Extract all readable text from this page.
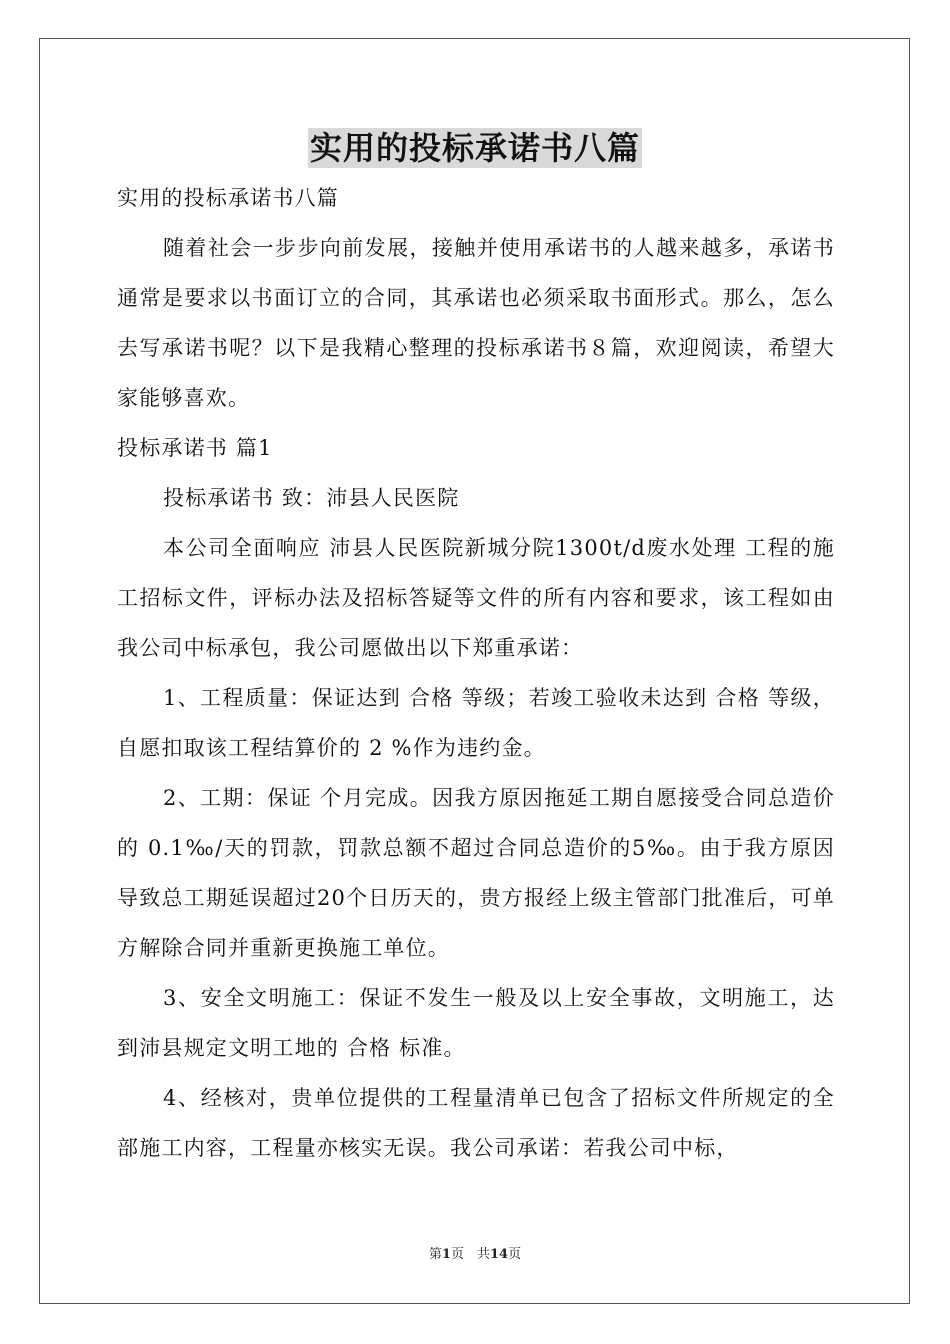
实用的投标承诺书八篇

实用的投标承诺书八篇

随着社会一步步向前发展，接触并使用承诺书的人越来越多，承诺书通常是要求以书面订立的合同，其承诺也必须采取书面形式。那么，怎么去写承诺书呢？以下是我精心整理的投标承诺书８篇，欢迎阅读，希望大家能够喜欢。

投标承诺书 篇1

投标承诺书 致：沛县人民医院

本公司全面响应 沛县人民医院新城分院1300t/d废水处理 工程的施工招标文件，评标办法及招标答疑等文件的所有内容和要求，该工程如由我公司中标承包，我公司愿做出以下郑重承诺：

1、工程质量：保证达到 合格 等级；若竣工验收未达到 合格 等级，自愿扣取该工程结算价的 2 %作为违约金。

2、工期：保证 个月完成。因我方原因拖延工期自愿接受合同总造价的 0.1‰/天的罚款，罚款总额不超过合同总造价的5‰。由于我方原因导致总工期延误超过20个日历天的，贵方报经上级主管部门批准后，可单方解除合同并重新更换施工单位。

3、安全文明施工：保证不发生一般及以上安全事故，文明施工，达到沛县规定文明工地的 合格 标准。

4、经核对，贵单位提供的工程量清单已包含了招标文件所规定的全部施工内容，工程量亦核实无误。我公司承诺：若我公司中标，

第1页　共14页
